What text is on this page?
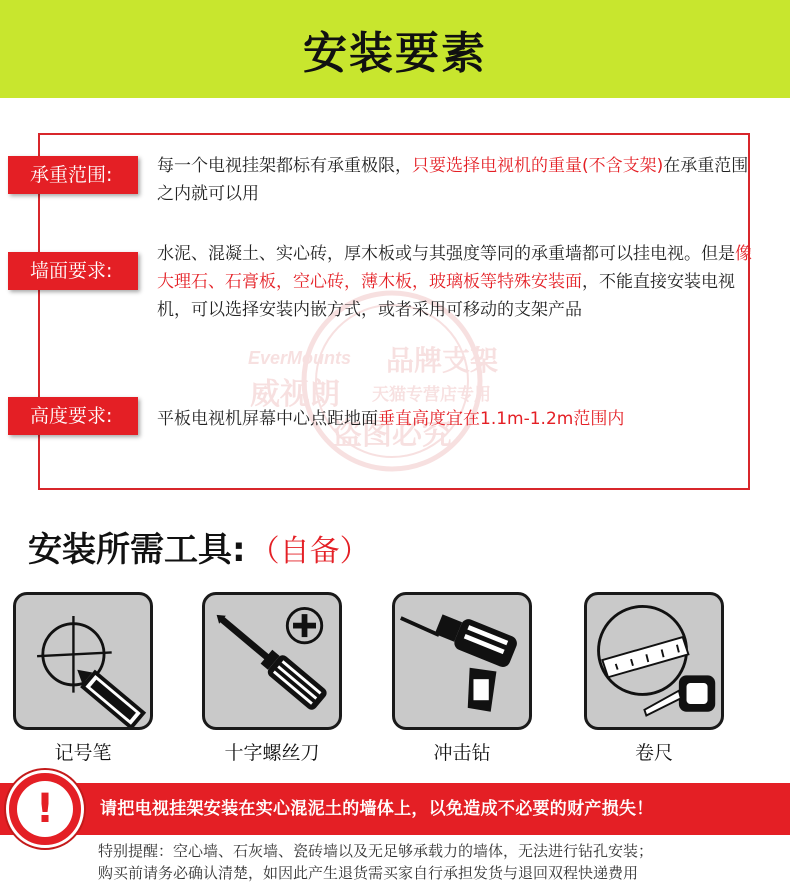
安装要素
EverMounts 品牌支架
威视朗 天猫专营店专用
盗图必究
承重范围:	每一个电视挂架都标有承重极限，只要选择电视机的重量(不含支架)在承重范围之内就可以用
墙面要求:
水泥、混凝土、实心砖，厚木板或与其强度等同的承重墙都可以挂电视。但是像大理石、石膏板，空心砖，薄木板，玻璃板等特殊安装面，不能直接安装电视机，可以选择安装内嵌方式，或者采用可移动的支架产品
高度要求:	平板电视机屏幕中心点距地面垂直高度宜在1.1m-1.2m范围内
安装所需工具: （自备）
记号笔	十字螺丝刀	冲击钻	卷尺
请把电视挂架安装在实心混泥土的墙体上，以免造成不必要的财产损失！
!
特别提醒：空心墙、石灰墙、瓷砖墙以及无足够承载力的墙体，无法进行钻孔安装；
购买前请务必确认清楚，如因此产生退货需买家自行承担发货与退回双程快递费用
